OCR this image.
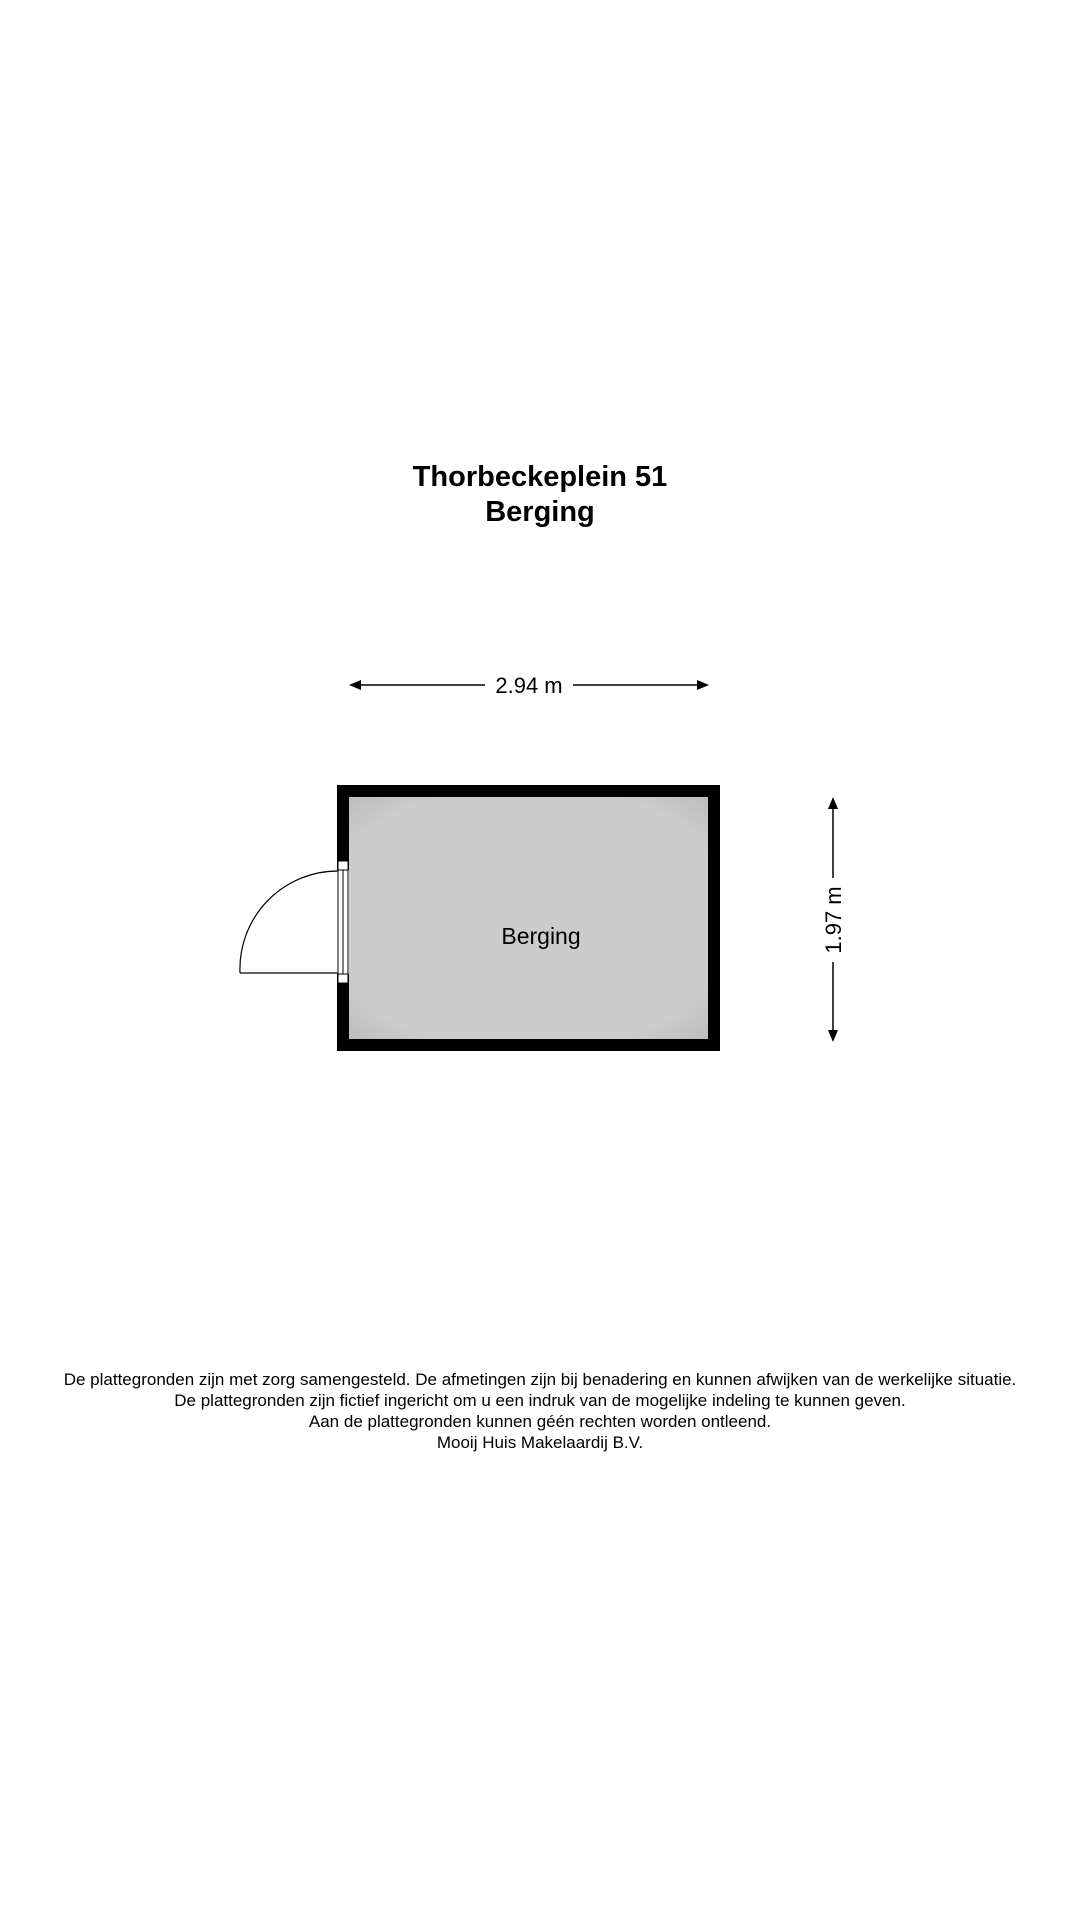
Thorbeckeplein 51
Berging
2.94 m
1.97 m
Berging
De plattegronden zijn met zorg samengesteld. De afmetingen zijn bij benadering en kunnen afwijken van de werkelijke situatie.
De plattegronden zijn fictief ingericht om u een indruk van de mogelijke indeling te kunnen geven.
Aan de plattegronden kunnen géén rechten worden ontleend.
Mooij Huis Makelaardij B.V.
